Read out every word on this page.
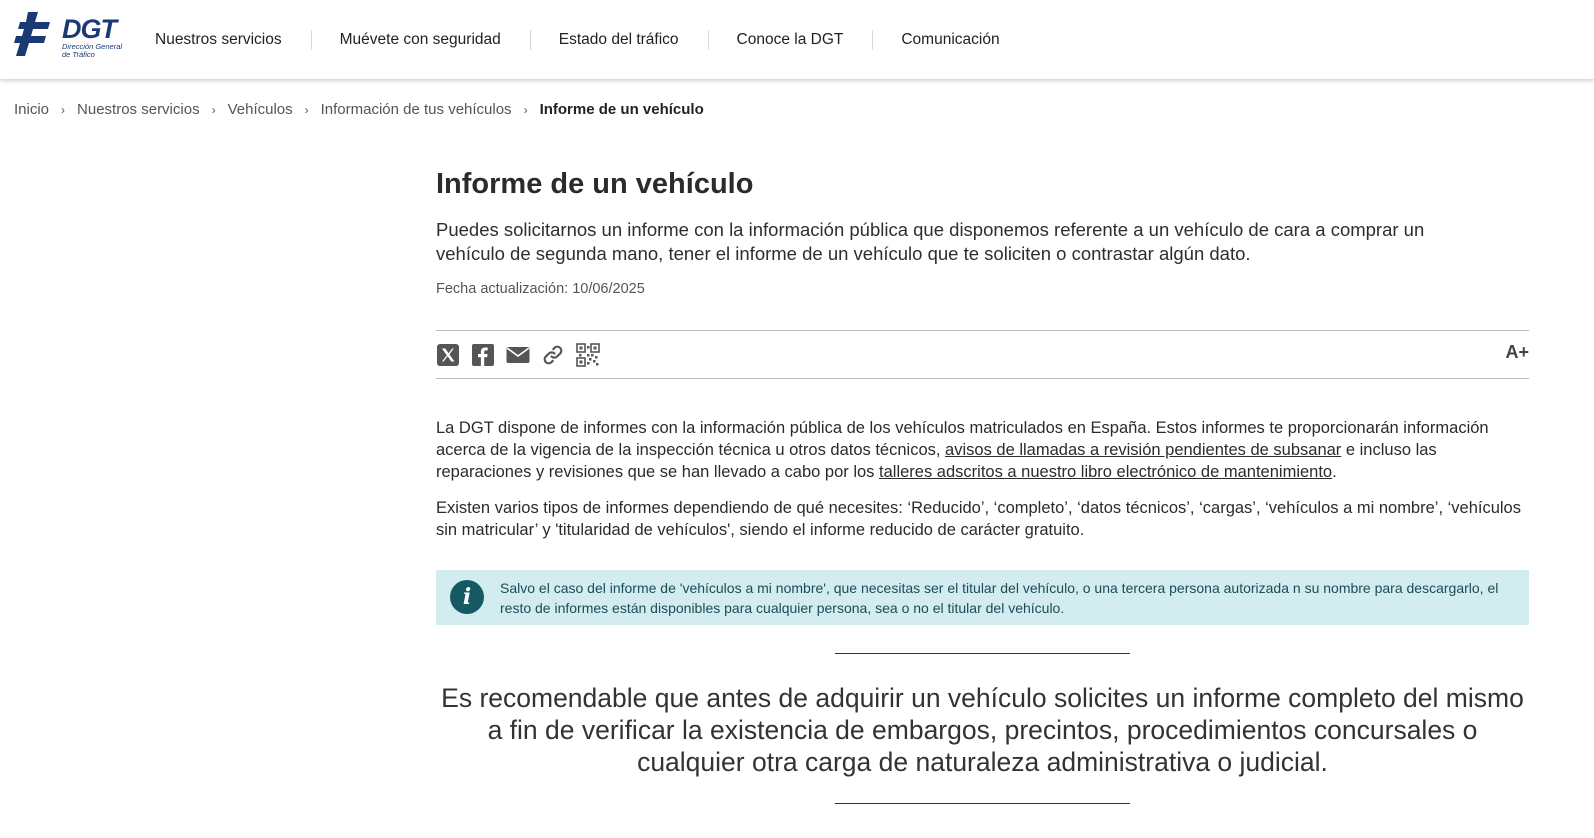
DGT
Dirección General de Tráfico
Nuestros servicios	Muévete con seguridad	Estado del tráfico	Conoce la DGT	Comunicación
Inicio › Nuestros servicios › Vehículos › Información de tus vehículos › Informe de un vehículo
Informe de un vehículo

Puedes solicitarnos un informe con la información pública que disponemos referente a un vehículo de cara a comprar un vehículo de segunda mano, tener el informe de un vehículo que te soliciten o contrastar algún dato.

Fecha actualización: 10/06/2025

A+

La DGT dispone de informes con la información pública de los vehículos matriculados en España. Estos informes te proporcionarán información acerca de la vigencia de la inspección técnica u otros datos técnicos, avisos de llamadas a revisión pendientes de subsanar e incluso las reparaciones y revisiones que se han llevado a cabo por los talleres adscritos a nuestro libro electrónico de mantenimiento.

Existen varios tipos de informes dependiendo de qué necesites: ‘Reducido’, ‘completo’, ‘datos técnicos’, ‘cargas’, ‘vehículos a mi nombre’, ‘vehículos sin matricular’ y 'titularidad de vehículos', siendo el informe reducido de carácter gratuito.

i	Salvo el caso del informe de 'vehículos a mi nombre', que necesitas ser el titular del vehículo, o una tercera persona autorizada n su nombre para descargarlo, el resto de informes están disponibles para cualquier persona, sea o no el titular del vehículo.

Es recomendable que antes de adquirir un vehículo solicites un informe completo del mismo a fin de verificar la existencia de embargos, precintos, procedimientos concursales o cualquier otra carga de naturaleza administrativa o judicial.
